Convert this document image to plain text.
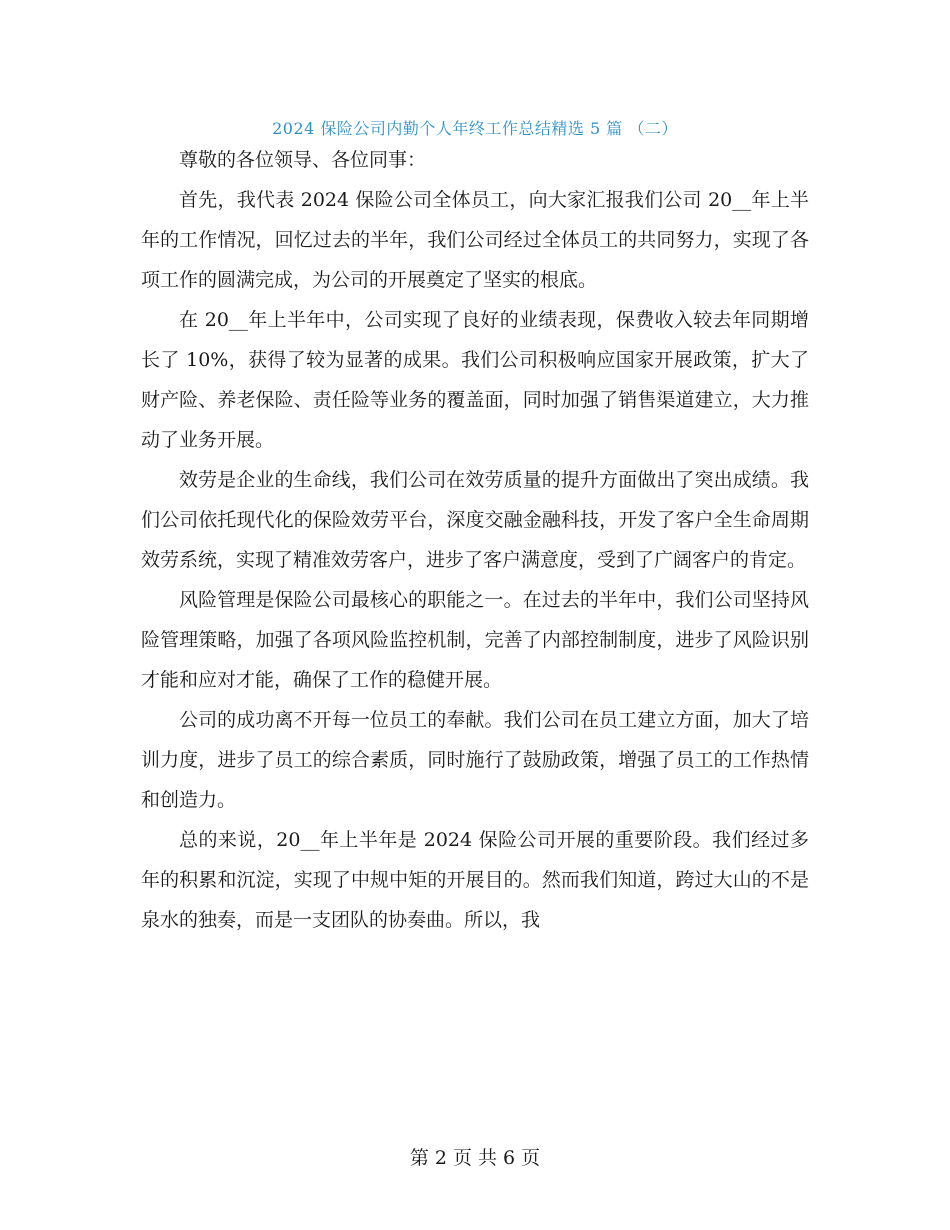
2024 保险公司内勤个人年终工作总结精选 5 篇 （二）

尊敬的各位领导、各位同事：

首先，我代表 2024 保险公司全体员工，向大家汇报我们公司 20__年上半年的工作情况，回忆过去的半年，我们公司经过全体员工的共同努力，实现了各项工作的圆满完成，为公司的开展奠定了坚实的根底。

在 20__年上半年中，公司实现了良好的业绩表现，保费收入较去年同期增长了 10%，获得了较为显著的成果。我们公司积极响应国家开展政策，扩大了财产险、养老保险、责任险等业务的覆盖面，同时加强了销售渠道建立，大力推动了业务开展。

效劳是企业的生命线，我们公司在效劳质量的提升方面做出了突出成绩。我们公司依托现代化的保险效劳平台，深度交融金融科技，开发了客户全生命周期效劳系统，实现了精准效劳客户，进步了客户满意度，受到了广阔客户的肯定。

风险管理是保险公司最核心的职能之一。在过去的半年中，我们公司坚持风险管理策略，加强了各项风险监控机制，完善了内部控制制度，进步了风险识别才能和应对才能，确保了工作的稳健开展。

公司的成功离不开每一位员工的奉献。我们公司在员工建立方面，加大了培训力度，进步了员工的综合素质，同时施行了鼓励政策，增强了员工的工作热情和创造力。

总的来说，20__年上半年是 2024 保险公司开展的重要阶段。我们经过多年的积累和沉淀，实现了中规中矩的开展目的。然而我们知道，跨过大山的不是泉水的独奏，而是一支团队的协奏曲。所以，我

第 2 页 共 6 页
